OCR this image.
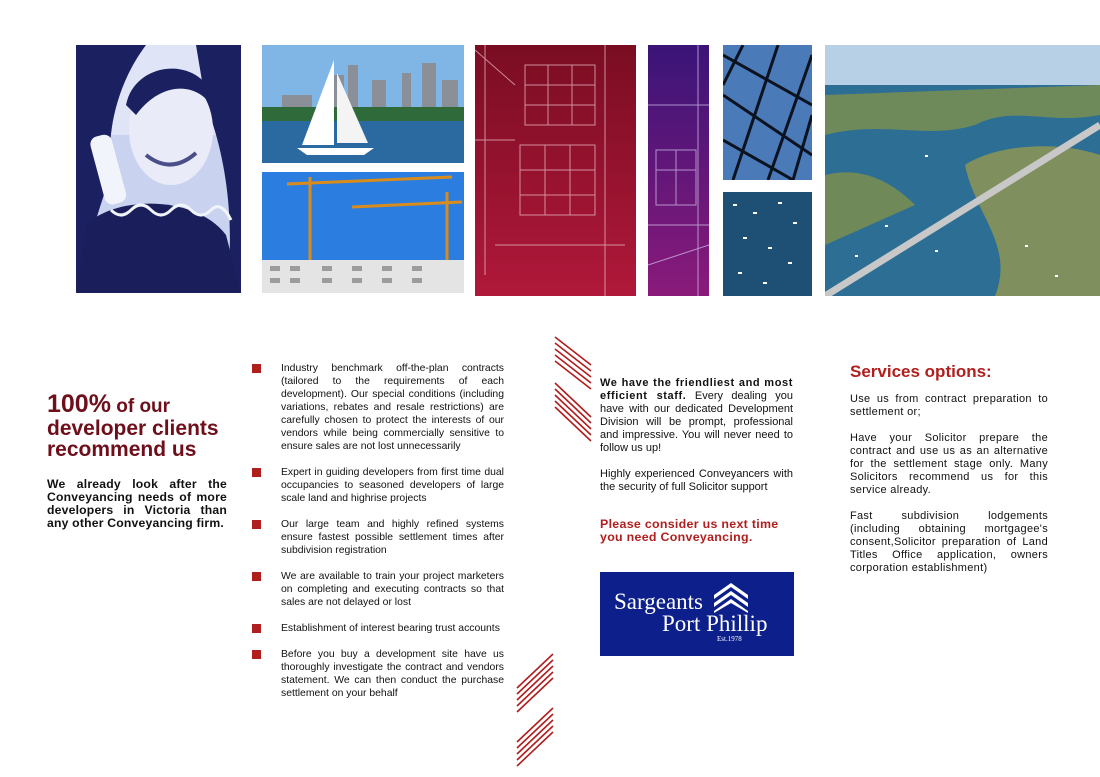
100% of our
developer clients
recommend us
We already look after the Conveyancing needs of more developers in Victoria than any other Conveyancing firm.
Industry benchmark off-the-plan contracts (tailored to the requirements of each development). Our special conditions (including variations, rebates and resale restrictions) are carefully chosen to protect the interests of our vendors while being commercially sensitive to ensure sales are not lost unnecessarily
Expert in guiding developers from first time dual occupancies to seasoned developers of large scale land and highrise projects
Our large team and highly refined systems ensure fastest possible settlement times after subdivision registration
We are available to train your project marketers on completing and executing contracts so that sales are not delayed or lost
Establishment of interest bearing trust accounts
Before you buy a development site have us thoroughly investigate the contract and vendors statement. We can then conduct the purchase settlement on your behalf

We have the friendliest and most efficient staff. Every dealing you have with our dedicated Development Division will be prompt, professional and impressive. You will never need to follow us up!

Highly experienced Conveyancers with the security of full Solicitor support

Please consider us next time you need Conveyancing.
Sargeants
Port Phillip
Est.1978
Services options:

Use us from contract preparation to settlement or;

Have your Solicitor prepare the contract and use us as an alternative for the settlement stage only. Many Solicitors recommend us for this service already.

Fast subdivision lodgements (including obtaining mortgagee's consent,Solicitor preparation of Land Titles Office application, owners corporation establishment)
